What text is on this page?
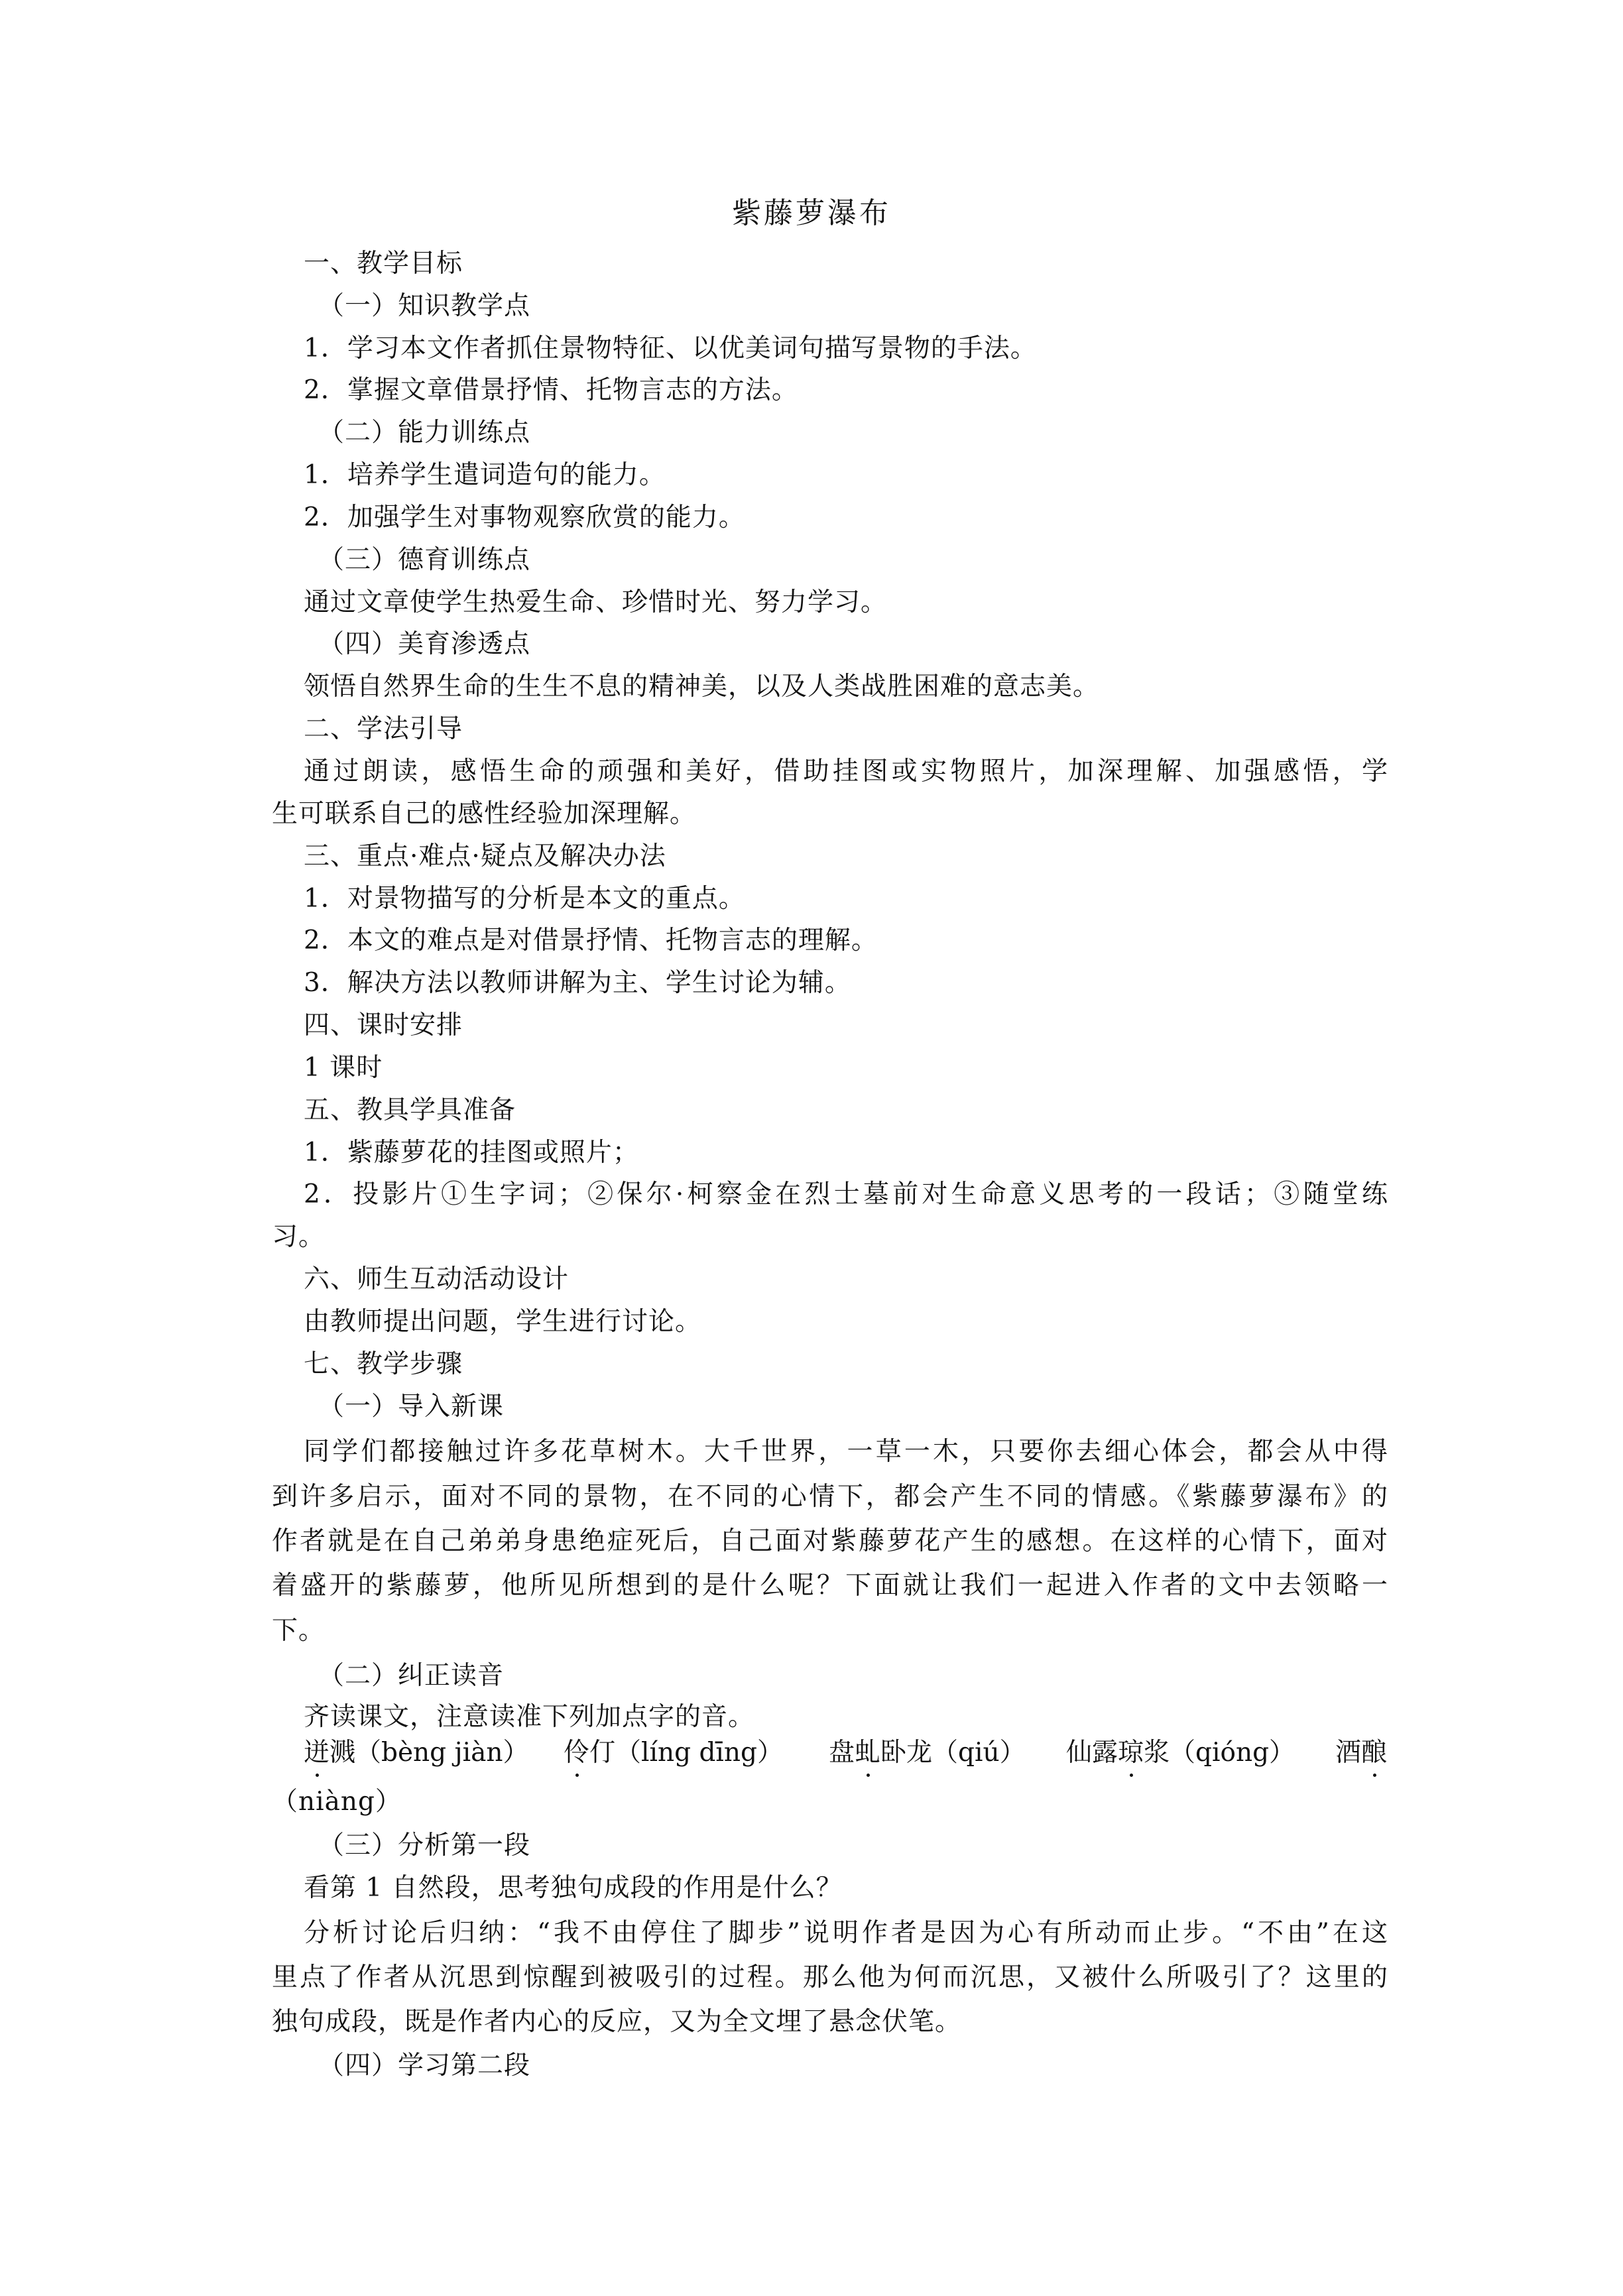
紫藤萝瀑布
一、教学目标
（一）知识教学点
1．学习本文作者抓住景物特征、以优美词句描写景物的手法。
2．掌握文章借景抒情、托物言志的方法。
（二）能力训练点
1．培养学生遣词造句的能力。
2．加强学生对事物观察欣赏的能力。
（三）德育训练点
通过文章使学生热爱生命、珍惜时光、努力学习。
（四）美育渗透点
领悟自然界生命的生生不息的精神美，以及人类战胜困难的意志美。
二、学法引导
通过朗读，感悟生命的顽强和美好，借助挂图或实物照片，加深理解、加强感悟，学
生可联系自己的感性经验加深理解。
三、重点·难点·疑点及解决办法
1．对景物描写的分析是本文的重点。
2．本文的难点是对借景抒情、托物言志的理解。
3．解决方法以教师讲解为主、学生讨论为辅。
四、课时安排
1 课时
五、教具学具准备
1．紫藤萝花的挂图或照片；
2．投影片①生字词；②保尔·柯察金在烈士墓前对生命意义思考的一段话；③随堂练
习。
六、师生互动活动设计
由教师提出问题，学生进行讨论。
七、教学步骤
（一）导入新课
同学们都接触过许多花草树木。大千世界，一草一木，只要你去细心体会，都会从中得
到许多启示，面对不同的景物，在不同的心情下，都会产生不同的情感。《紫藤萝瀑布》的
作者就是在自己弟弟身患绝症死后，自己面对紫藤萝花产生的感想。在这样的心情下，面对
着盛开的紫藤萝，他所见所想到的是什么呢？下面就让我们一起进入作者的文中去领略一
下。
（二）纠正读音
齐读课文，注意读准下列加点字的音。
迸溅（bèng jiàn） 伶仃（líng dīng） 盘虬卧龙（qiú） 仙露琼浆（qióng） 酒酿
（niàng）
（三）分析第一段
看第 1 自然段，思考独句成段的作用是什么？
分析讨论后归纳：“我不由停住了脚步”说明作者是因为心有所动而止步。“不由”在这
里点了作者从沉思到惊醒到被吸引的过程。那么他为何而沉思，又被什么所吸引了？这里的
独句成段，既是作者内心的反应，又为全文埋了悬念伏笔。
（四）学习第二段
